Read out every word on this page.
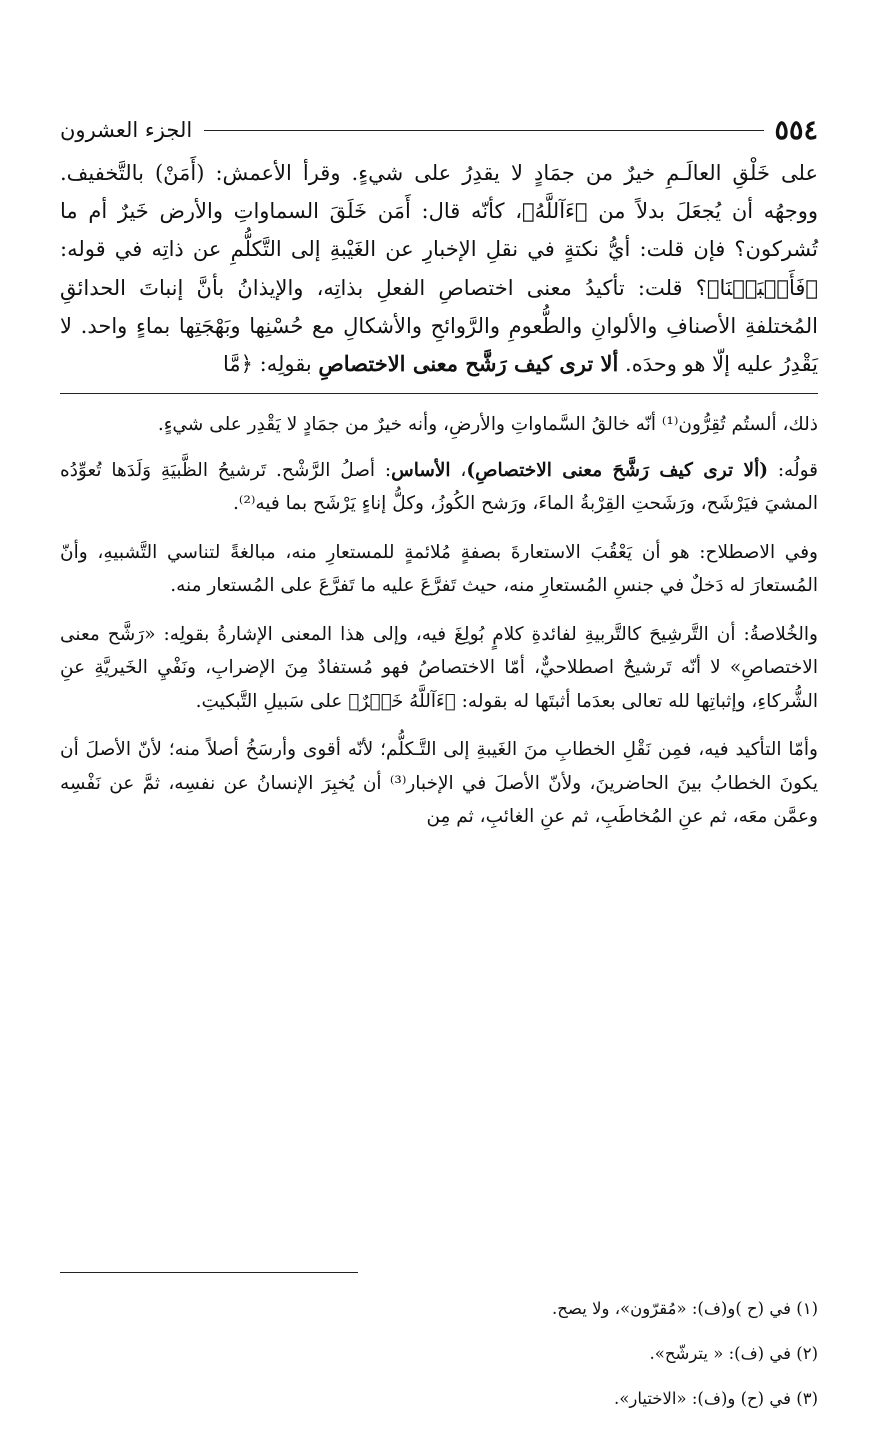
٥٥٤
الجزء العشرون

على خَلْقِ العالَـمِ خيرٌ من جمَادٍ لا يقدِرُ على شيءٍ. وقرأ الأعمش: (أَمَنْ) بالتَّخفيف. ووجهُه أن يُجعَلَ بدلاً من ﴿ءَآللَّهُ﴾، كأنّه قال: أَمَن خَلَقَ السماواتِ والأرض خَيرٌ أم ما تُشركون؟ فإن قلت: أيُّ نكتةٍ في نقلِ الإخبارِ عن الغَيْبةِ إلى التَّكلُّمِ عن ذاتِه في قوله: ﴿فَأَنۢبَتۡنَا﴾؟ قلت: تأكيدُ معنى اختصاصِ الفعلِ بذاتِه، والإيذانُ بأنَّ إنباتَ الحدائقِ المُختلفةِ الأصنافِ والألوانِ والطُّعومِ والرَّوائحِ والأشكالِ مع حُسْنِها وبَهْجَتِها بماءٍ واحد. لا يَقْدِرُ عليه إلّا هو وحدَه. ألا ترى كيف رَشَّح معنى الاختصاصِ بقولِه: ﴿مَّا

ذلك، ألستُم تُقِرُّون⁽¹⁾ أنّه خالقُ السَّماواتِ والأرضِ، وأنه خيرٌ من جمَادٍ لا يَقْدِر على شيءٍ.

قولُه: (ألا ترى كيف رَشَّحَ معنى الاختصاصِ)، الأساس: أصلُ الرَّشْح. تَرشيحُ الظَّبيَةِ وَلَدَها تُعوِّدُه المشيَ فيَرْشَح، ورَشَحتِ القِرْبةُ الماءَ، ورَشح الكُوزُ، وكلُّ إناءٍ يَرْشَح بما فيه⁽²⁾.

وفي الاصطلاح: هو أن يَعْقُبَ الاستعارةَ بصفةٍ مُلائمةٍ للمستعارِ منه، مبالغةً لتناسي التَّشبيهِ، وأنّ المُستعارَ له دَخلٌ في جنسِ المُستعارِ منه، حيث تَفرَّعَ عليه ما تَفرَّعَ على المُستعار منه.

والخُلاصةُ: أن التَّرشِيحَ كالتَّربيةِ لفائدةِ كلامٍ بُولِغَ فيه، وإلى هذا المعنى الإشارةُ بقولِه: «رَشَّح معنى الاختصاصِ» لا أنّه تَرشيحٌ اصطلاحيٌّ، أمّا الاختصاصُ فهو مُستفادٌ مِنَ الإضرابِ، ونَفْيِ الخَيريَّةِ عنِ الشُّركاءِ، وإثباتِها لله تعالى بعدَما أثبتَها له بقوله: ﴿ءَآللَّهُ خَيۡرٌ﴾ على سَبيلِ التَّبكيتِ.

وأمّا التأكيد فيه، فمِن نَقْلِ الخطابِ منَ الغَيبةِ إلى التَّـكلُّم؛ لأنّه أقوى وأرسَخُ أصلاً منه؛ لأنّ الأصلَ أن يكونَ الخطابُ بينَ الحاضرينَ، ولأنّ الأصلَ في الإخبار⁽³⁾ أن يُخبِرَ الإنسانُ عن نفسِه، ثمَّ عن نَفْسِه وعمَّن معَه، ثم عنِ المُخاطَبِ، ثم عنِ الغائبِ، ثم مِن

(١) في (ح )و(ف): «مُقرّون»، ولا يصح.
(٢) في (ف): « يترشّح».
(٣) في (ح) و(ف): «الاختيار».
